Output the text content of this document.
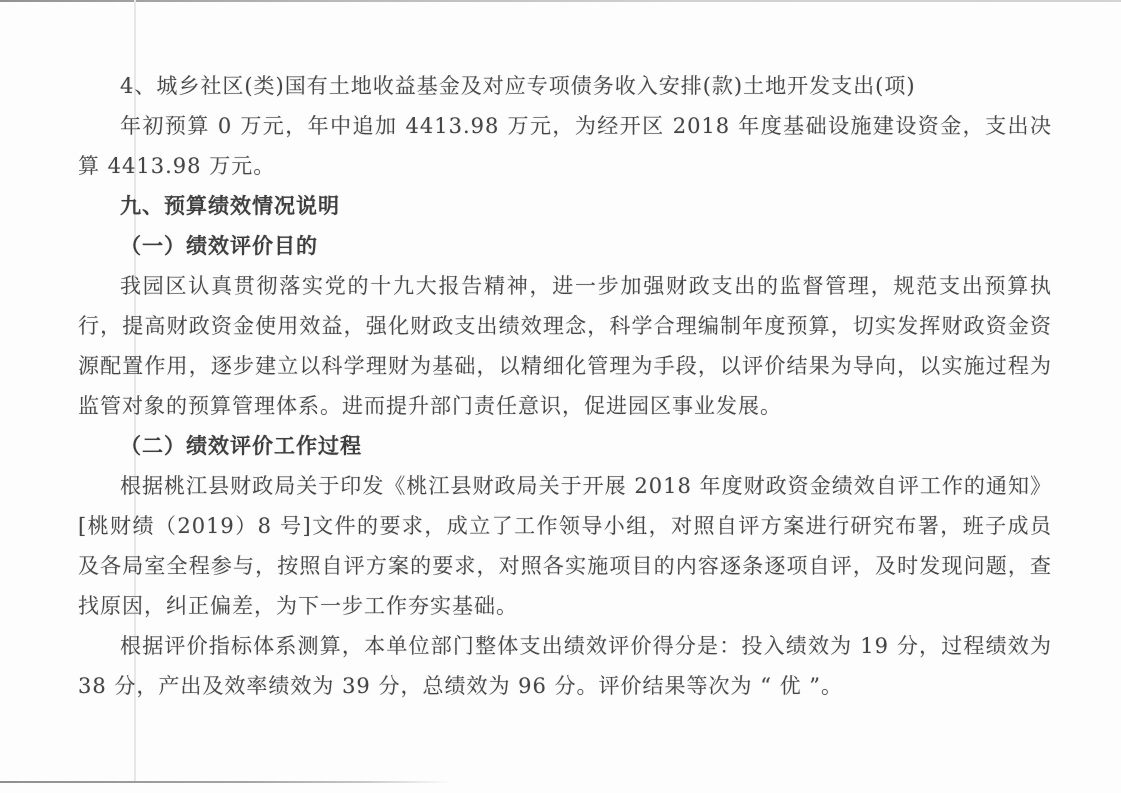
4、城乡社区(类)国有土地收益基金及对应专项债务收入安排(款)土地开发支出(项)

年初预算 0 万元，年中追加 4413.98 万元，为经开区 2018 年度基础设施建设资金，支出决算 4413.98 万元。

九、预算绩效情况说明

（一）绩效评价目的

我园区认真贯彻落实党的十九大报告精神，进一步加强财政支出的监督管理，规范支出预算执行，提高财政资金使用效益，强化财政支出绩效理念，科学合理编制年度预算，切实发挥财政资金资源配置作用，逐步建立以科学理财为基础，以精细化管理为手段，以评价结果为导向，以实施过程为监管对象的预算管理体系。进而提升部门责任意识，促进园区事业发展。

（二）绩效评价工作过程

根据桃江县财政局关于印发《桃江县财政局关于开展 2018 年度财政资金绩效自评工作的通知》[桃财绩（2019）8 号]文件的要求，成立了工作领导小组，对照自评方案进行研究布署，班子成员及各局室全程参与，按照自评方案的要求，对照各实施项目的内容逐条逐项自评，及时发现问题，查找原因，纠正偏差，为下一步工作夯实基础。

根据评价指标体系测算，本单位部门整体支出绩效评价得分是：投入绩效为 19 分，过程绩效为 38 分，产出及效率绩效为 39 分，总绩效为 96 分。评价结果等次为 “ 优 ”。
